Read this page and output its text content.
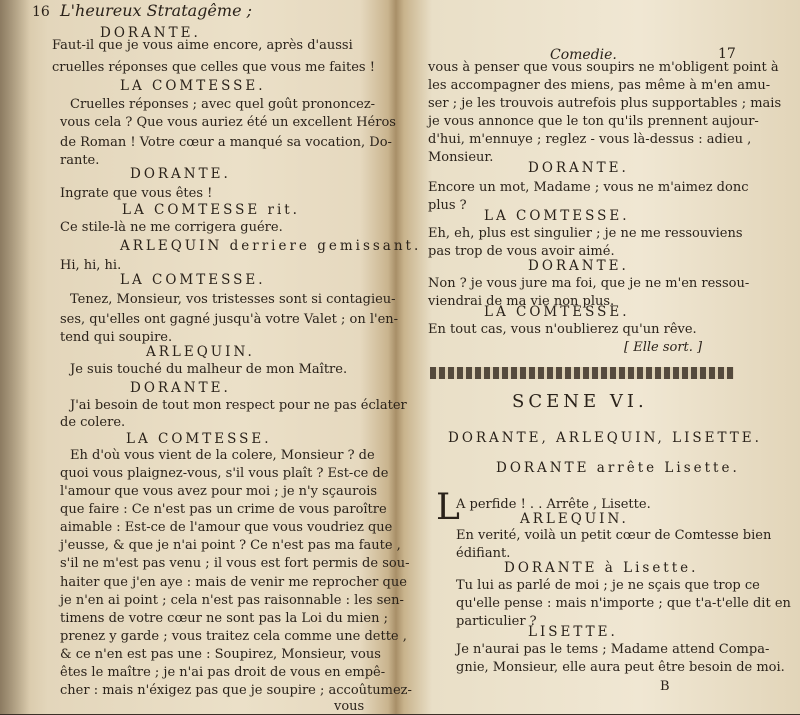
16 L'heureux Stratagême ;
Comedie.	17
DORANTE.
Faut-il que je vous aime encore, après d'aussi
cruelles réponses que celles que vous me faites !
LA COMTESSE.
Cruelles réponses ; avec quel goût prononcez-
vous cela ? Que vous auriez été un excellent Héros
de Roman ! Votre cœur a manqué sa vocation, Do-
rante.
DORANTE.
Ingrate que vous êtes !
LA COMTESSE rit.
Ce stile-là ne me corrigera guére.
ARLEQUIN derriere gemissant.
Hi, hi, hi.
LA COMTESSE.
Tenez, Monsieur, vos tristesses sont si contagieu-
ses, qu'elles ont gagné jusqu'à votre Valet ; on l'en-
tend qui soupire.
ARLEQUIN.
Je suis touché du malheur de mon Maître.
DORANTE.
J'ai besoin de tout mon respect pour ne pas éclater
de colere.
LA COMTESSE.
Eh d'où vous vient de la colere, Monsieur ? de
quoi vous plaignez-vous, s'il vous plaît ? Est-ce de
l'amour que vous avez pour moi ; je n'y sçaurois
que faire : Ce n'est pas un crime de vous paroître
aimable : Est-ce de l'amour que vous voudriez que
j'eusse, & que je n'ai point ? Ce n'est pas ma faute ,
s'il ne m'est pas venu ; il vous est fort permis de sou-
haiter que j'en aye : mais de venir me reprocher que
je n'en ai point ; cela n'est pas raisonnable : les sen-
timens de votre cœur ne sont pas la Loi du mien ;
prenez y garde ; vous traitez cela comme une dette ,
& ce n'en est pas une : Soupirez, Monsieur, vous
êtes le maître ; je n'ai pas droit de vous en empê-
cher : mais n'éxigez pas que je soupire ; accoûtumez-
vous
vous à penser que vous soupirs ne m'obligent point à
les accompagner des miens, pas même à m'en amu-
ser ; je les trouvois autrefois plus supportables ; mais
je vous annonce que le ton qu'ils prennent aujour-
d'hui, m'ennuye ; reglez - vous là-dessus : adieu ,
Monsieur.
DORANTE.
Encore un mot, Madame ; vous ne m'aimez donc
plus ?
LA COMTESSE.
Eh, eh, plus est singulier ; je ne me ressouviens
pas trop de vous avoir aimé.
DORANTE.
Non ? je vous jure ma foi, que je ne m'en ressou-
viendrai de ma vie non plus.
LA COMTESSE.
En tout cas, vous n'oublierez qu'un rêve.
[ Elle sort. ]
SCENE VI.
DORANTE, ARLEQUIN, LISETTE.
DORANTE arrête Lisette.
L
A perfide ! . . Arrête , Lisette.
ARLEQUIN.
En verité, voilà un petit cœur de Comtesse bien
édifiant.
DORANTE à Lisette.
Tu lui as parlé de moi ; je ne sçais que trop ce
qu'elle pense : mais n'importe ; que t'a-t'elle dit en
particulier ?
LISETTE.
Je n'aurai pas le tems ; Madame attend Compa-
gnie, Monsieur, elle aura peut être besoin de moi.
B
